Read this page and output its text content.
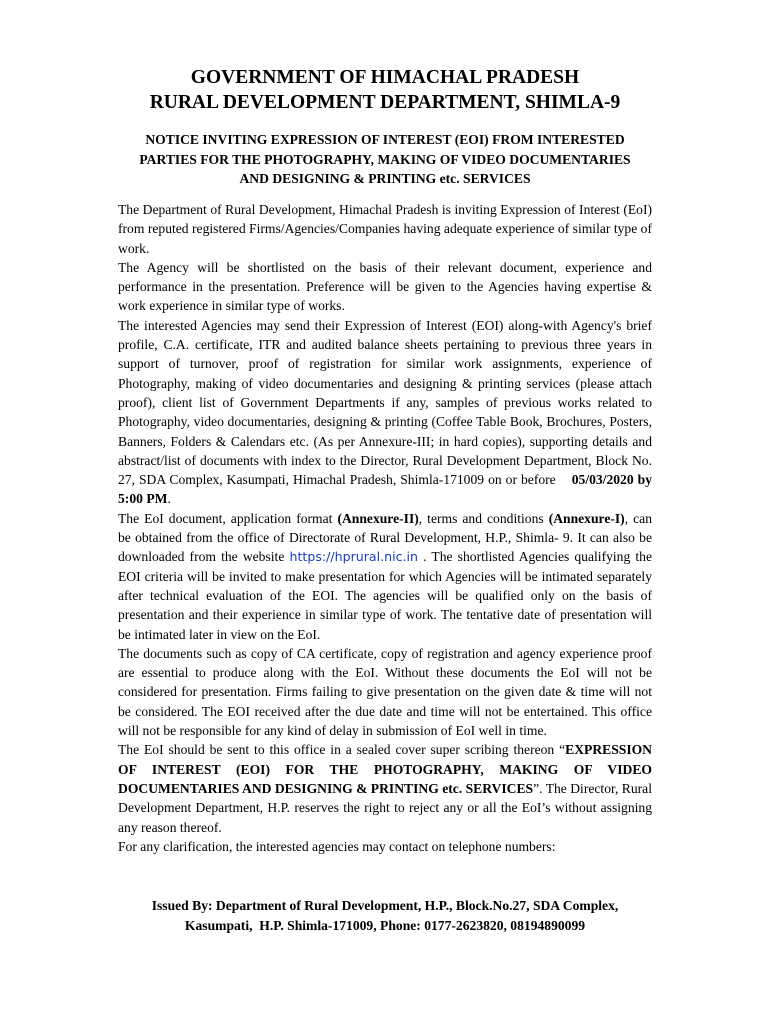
GOVERNMENT OF HIMACHAL PRADESH
RURAL DEVELOPMENT DEPARTMENT, SHIMLA-9
NOTICE INVITING EXPRESSION OF INTEREST (EOI) FROM INTERESTED
PARTIES FOR THE PHOTOGRAPHY, MAKING OF VIDEO DOCUMENTARIES
AND DESIGNING & PRINTING etc. SERVICES

The Department of Rural Development, Himachal Pradesh is inviting Expression of Interest (EoI) from reputed registered Firms/Agencies/Companies having adequate experience of similar type of work.

The Agency will be shortlisted on the basis of their relevant document, experience and performance in the presentation. Preference will be given to the Agencies having expertise & work experience in similar type of works.

The interested Agencies may send their Expression of Interest (EOI) along-with Agency's brief profile, C.A. certificate, ITR and audited balance sheets pertaining to previous three years in support of turnover, proof of registration for similar work assignments, experience of Photography, making of video documentaries and designing & printing services (please attach proof), client list of Government Departments if any, samples of previous works related to Photography, video documentaries, designing & printing (Coffee Table Book, Brochures, Posters, Banners, Folders & Calendars etc. (As per Annexure-III; in hard copies), supporting details and abstract/list of documents with index to the Director, Rural Development Department, Block No. 27, SDA Complex, Kasumpati, Himachal Pradesh, Shimla-171009 on or before 05/03/2020 by 5:00 PM.

The EoI document, application format (Annexure-II), terms and conditions (Annexure-I), can be obtained from the office of Directorate of Rural Development, H.P., Shimla- 9. It can also be downloaded from the website https://hprural.nic.in . The shortlisted Agencies qualifying the EOI criteria will be invited to make presentation for which Agencies will be intimated separately after technical evaluation of the EOI. The agencies will be qualified only on the basis of presentation and their experience in similar type of work. The tentative date of presentation will be intimated later in view on the EoI.

The documents such as copy of CA certificate, copy of registration and agency experience proof are essential to produce along with the EoI. Without these documents the EoI will not be considered for presentation. Firms failing to give presentation on the given date & time will not be considered. The EOI received after the due date and time will not be entertained. This office will not be responsible for any kind of delay in submission of EoI well in time.

The EoI should be sent to this office in a sealed cover super scribing thereon “EXPRESSION OF INTEREST (EOI) FOR THE PHOTOGRAPHY, MAKING OF VIDEO DOCUMENTARIES AND DESIGNING & PRINTING etc. SERVICES”. The Director, Rural Development Department, H.P. reserves the right to reject any or all the EoI’s without assigning any reason thereof.

For any clarification, the interested agencies may contact on telephone numbers:

Issued By: Department of Rural Development, H.P., Block.No.27, SDA Complex,
Kasumpati,  H.P. Shimla-171009, Phone: 0177-2623820, 08194890099
